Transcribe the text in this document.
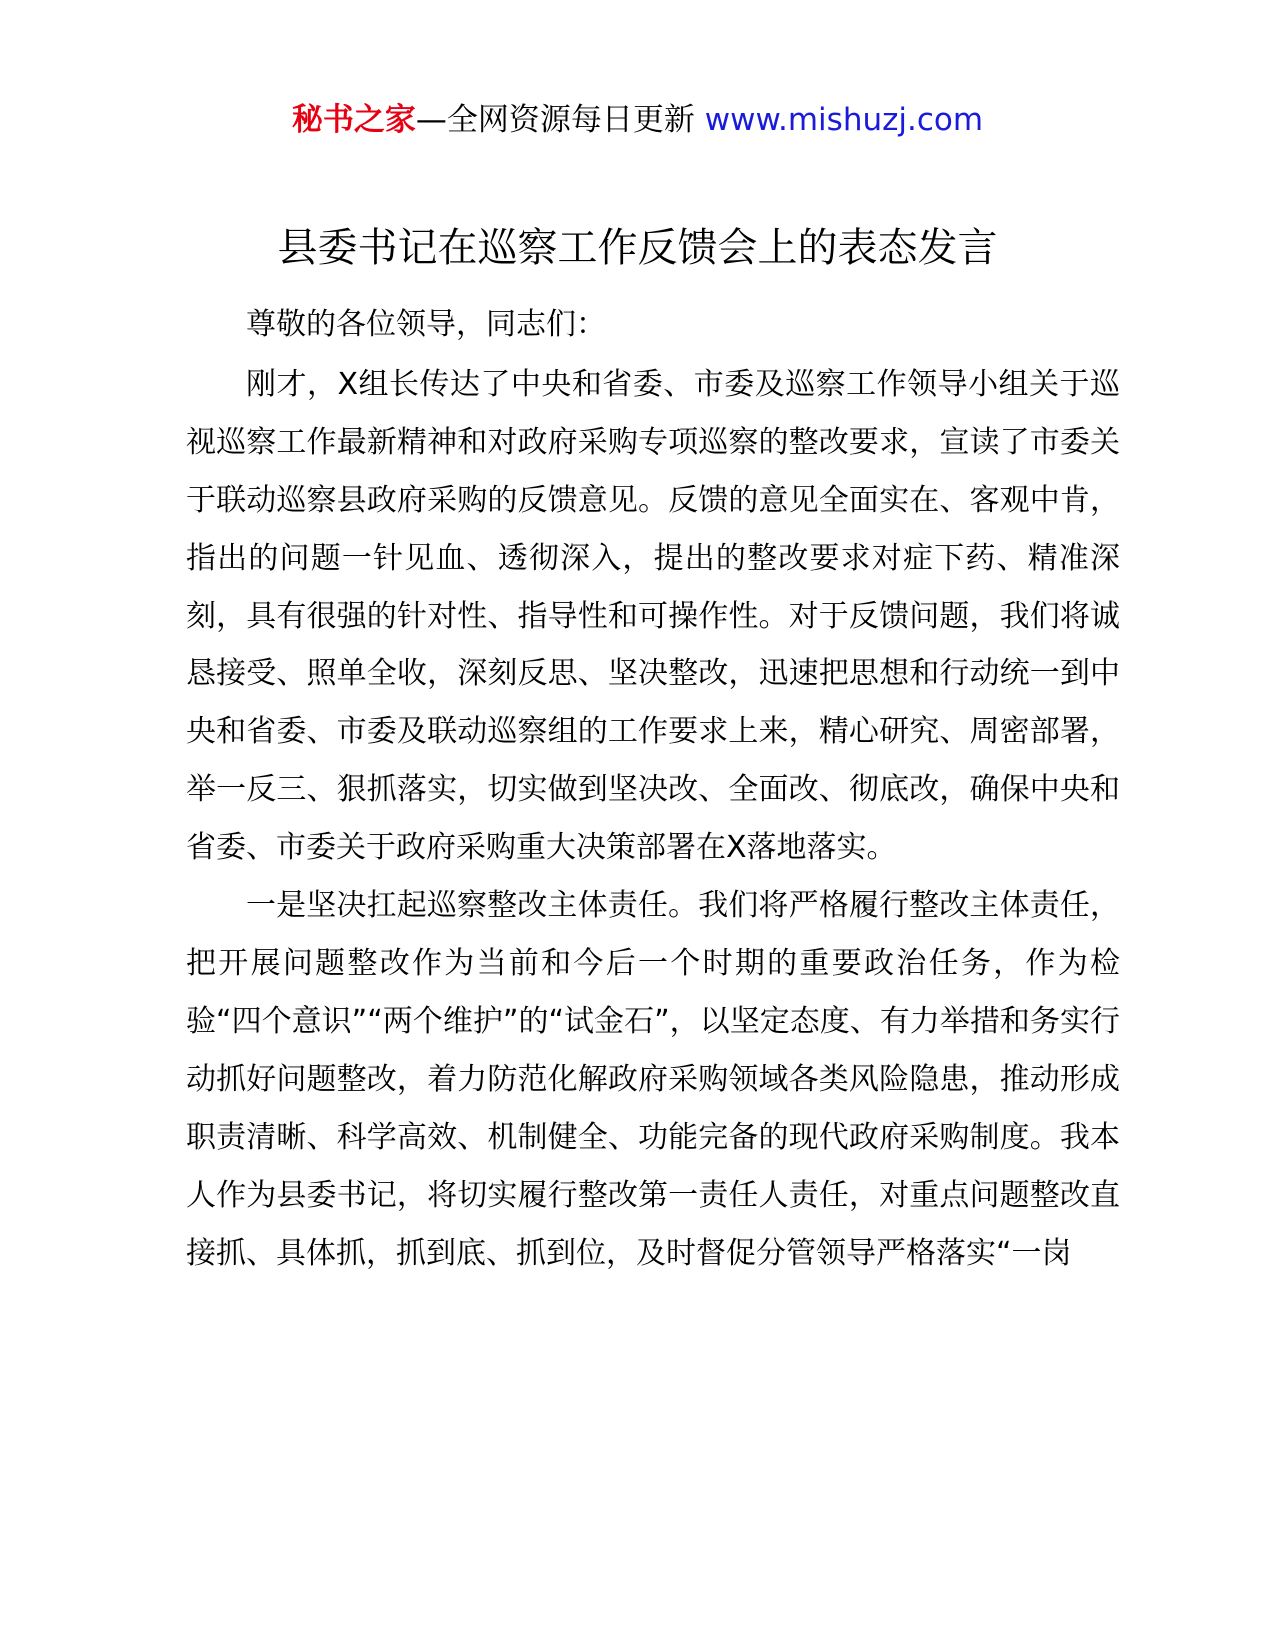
秘书之家—全网资源每日更新 www.mishuzj.com
县委书记在巡察工作反馈会上的表态发言

尊敬的各位领导，同志们：

刚才，X组长传达了中央和省委、市委及巡察工作领导小组关于巡视巡察工作最新精神和对政府采购专项巡察的整改要求，宣读了市委关于联动巡察县政府采购的反馈意见。反馈的意见全面实在、客观中肯，指出的问题一针见血、透彻深入，提出的整改要求对症下药、精准深刻，具有很强的针对性、指导性和可操作性。对于反馈问题，我们将诚恳接受、照单全收，深刻反思、坚决整改，迅速把思想和行动统一到中央和省委、市委及联动巡察组的工作要求上来，精心研究、周密部署，举一反三、狠抓落实，切实做到坚决改、全面改、彻底改，确保中央和省委、市委关于政府采购重大决策部署在X落地落实。

一是坚决扛起巡察整改主体责任。我们将严格履行整改主体责任，把开展问题整改作为当前和今后一个时期的重要政治任务，作为检验“四个意识”“两个维护”的“试金石”，以坚定态度、有力举措和务实行动抓好问题整改，着力防范化解政府采购领域各类风险隐患，推动形成职责清晰、科学高效、机制健全、功能完备的现代政府采购制度。我本人作为县委书记，将切实履行整改第一责任人责任，对重点问题整改直接抓、具体抓，抓到底、抓到位，及时督促分管领导严格落实“一岗
